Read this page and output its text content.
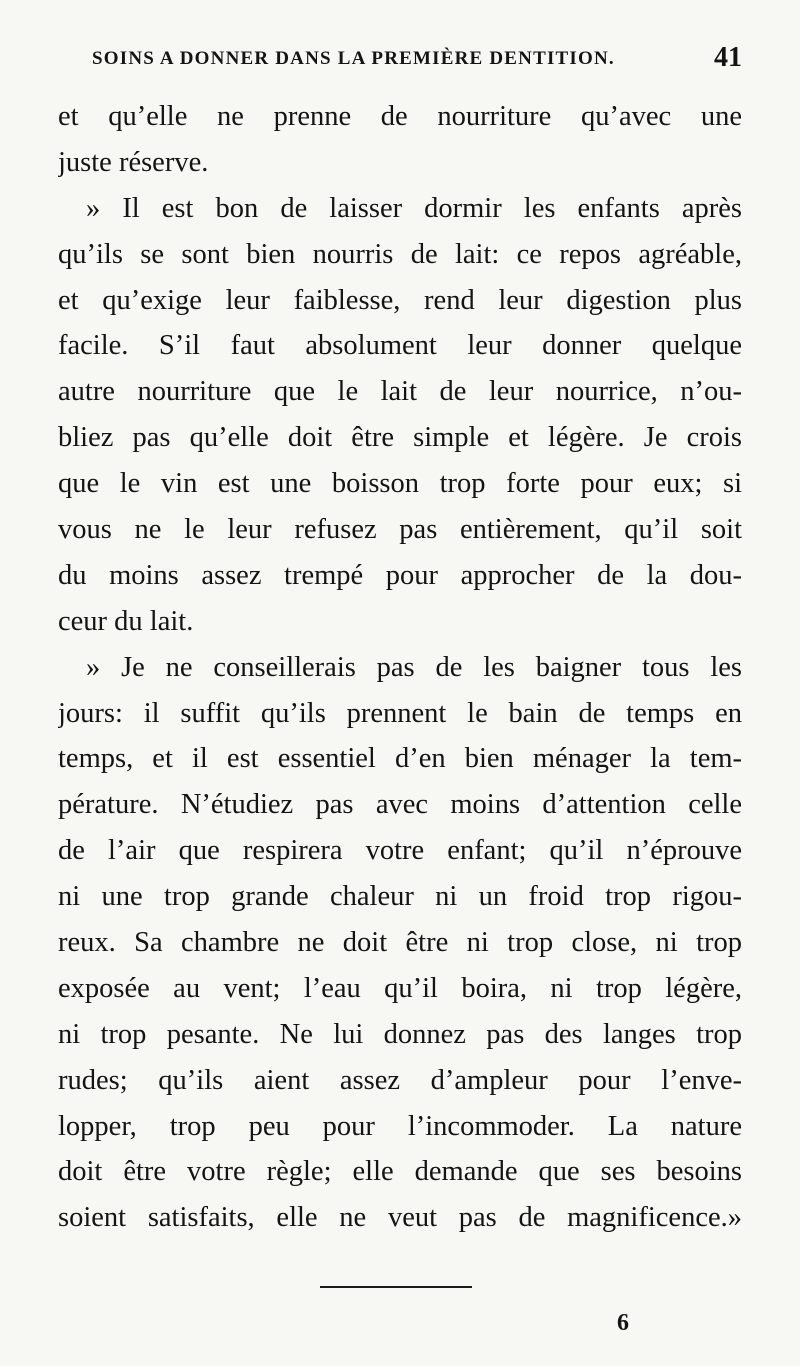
SOINS A DONNER DANS LA PREMIÈRE DENTITION.	41
et qu’elle ne prenne de nourriture qu’avec une
juste réserve.
» Il est bon de laisser dormir les enfants après
qu’ils se sont bien nourris de lait: ce repos agréable,
et qu’exige leur faiblesse, rend leur digestion plus
facile. S’il faut absolument leur donner quelque
autre nourriture que le lait de leur nourrice, n’ou-
bliez pas qu’elle doit être simple et légère. Je crois
que le vin est une boisson trop forte pour eux; si
vous ne le leur refusez pas entièrement, qu’il soit
du moins assez trempé pour approcher de la dou-
ceur du lait.
» Je ne conseillerais pas de les baigner tous les
jours: il suffit qu’ils prennent le bain de temps en
temps, et il est essentiel d’en bien ménager la tem-
pérature. N’étudiez pas avec moins d’attention celle
de l’air que respirera votre enfant; qu’il n’éprouve
ni une trop grande chaleur ni un froid trop rigou-
reux. Sa chambre ne doit être ni trop close, ni trop
exposée au vent; l’eau qu’il boira, ni trop légère,
ni trop pesante. Ne lui donnez pas des langes trop
rudes; qu’ils aient assez d’ampleur pour l’enve-
lopper, trop peu pour l’incommoder. La nature
doit être votre règle; elle demande que ses besoins
soient satisfaits, elle ne veut pas de magnificence.»
6
